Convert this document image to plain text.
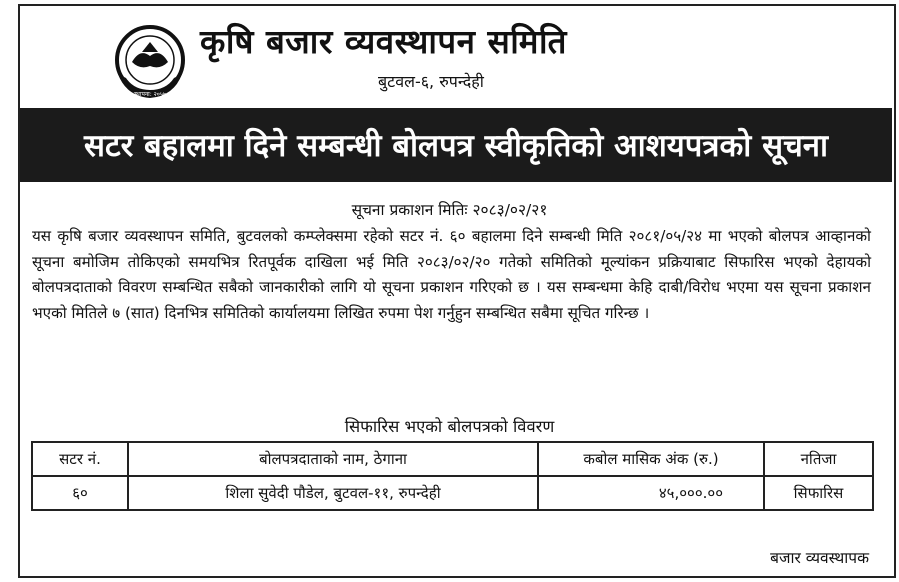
स्थापना: २०५७
कृषि बजार व्यवस्थापन समिति
बुटवल-६, रुपन्देही
सटर बहालमा दिने सम्बन्धी बोलपत्र स्वीकृतिको आशयपत्रको सूचना
सूचना प्रकाशन मितिः २०८३/०२/२१
यस कृषि बजार व्यवस्थापन समिति, बुटवलको कम्प्लेक्समा रहेको सटर नं. ६० बहालमा दिने सम्बन्धी मिति २०८१/०५/२४ मा भएको बोलपत्र आव्हानको सूचना बमोजिम तोकिएको समयभित्र रितपूर्वक दाखिला भई मिति २०८३/०२/२० गतेको समितिको मूल्यांकन प्रक्रियाबाट सिफारिस भएको देहायको बोलपत्रदाताको विवरण सम्बन्धित सबैको जानकारीको लागि यो सूचना प्रकाशन गरिएको छ । यस सम्बन्धमा केहि दाबी/विरोध भएमा यस सूचना प्रकाशन भएको मितिले ७ (सात) दिनभित्र समितिको कार्यालयमा लिखित रुपमा पेश गर्नुहुन सम्बन्धित सबैमा सूचित गरिन्छ ।
सिफारिस भएको बोलपत्रको विवरण
सटर नं.	बोलपत्रदाताको नाम, ठेगाना	कबोल मासिक अंक (रु.)	नतिजा
६०	शिला सुवेदी पौडेल, बुटवल-११, रुपन्देही	४५,०००.००	सिफारिस
बजार व्यवस्थापक
